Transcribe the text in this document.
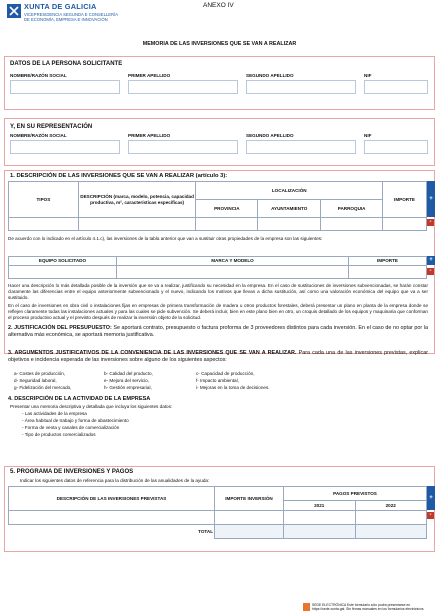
XUNTA DE GALICIA
VICEPRESIDENCIA SEGUNDA E CONSELLERÍA DE ECONOMÍA, EMPRESA E INNOVACIÓN
ANEXO IV
MEMORIA DE LAS INVERSIONES QUE SE VAN A REALIZAR
DATOS DE LA PERSONA SOLICITANTE
NOMBRE/RAZÓN SOCIAL	PRIMER APELLIDO	SEGUNDO APELLIDO	NIF
Y, EN SU REPRESENTACIÓN
NOMBRE/RAZÓN SOCIAL	PRIMER APELLIDO	SEGUNDO APELLIDO	NIF
1. DESCRIPCIÓN DE LAS INVERSIONES QUE SE VAN A REALIZAR (artículo 3):
TIPOS	DESCRIPCIÓN (marca, modelo, potencia, capacidad productiva, m², características específicas)	LOCALIZACIÓN			IMPORTE
		PROVINCIA	AYUNTAMIENTO	PARROQUIA	

+
-
De acuerdo con lo indicado en el artículo 4.1.c), las inversiones de la tabla anterior que van a sustituir otras propiedades de la empresa son las siguientes:
EQUIPO SOLICITADO	MARCA Y MODELO	IMPORTE
			+
-
Hacer una descripción lo más detallada posible de la inversión que se va a realizar, justificando su necesidad en la empresa. En el caso de sustituciones de inversiones subvencionadas, se harán constar claramente las diferencias entre el equipo anteriormente subvencionado y el nuevo, indicando los motivos que llevan a dicha sustitución, así como una valoración económica del equipo que va a ser sustituido.
En el caso de inversiones en obra civil o instalaciones fijas en empresas de primera transformación de madera u otros productos forestales, deberá presentar un plano en planta de la empresa donde se reflejen claramente todas las instalaciones actuales y para las cuales se pide subvención. Se deberá incluir, bien en este plano bien en otro, un croquis detallado de los equipos y maquinaria que conforman el proceso productivo actual y el previsto después de realizar la inversión objeto de la solicitud.
2. JUSTIFICACIÓN DEL PRESUPUESTO: Se aportará contrato, presupuesto o factura proforma de 3 proveedores distintos para cada inversión. En el caso de no optar por la alternativa más económica, se aportará memoria justificativa.
3. ARGUMENTOS JUSTIFICATIVOS DE LA CONVENIENCIA DE LAS INVERSIONES QUE SE VAN A REALIZAR. Para cada una de las inversiones previstas, explicar objetivos e incidencia esperada de las inversiones sobre alguno de los siguientes aspectos:
a- Costes de producción,
d- Seguridad laboral,
g- Fidelización del mercado,
b- Calidad del producto,
e- Mejora del servicio,
h- Gestión empresarial,
c- Capacidad de producción,
f- Impacto ambiental,
i- Mejoras en la toma de decisiones.
4. DESCRIPCIÓN DE LA ACTIVIDAD DE LA EMPRESA
Presentar una memoria descriptiva y detallada que incluya los siguientes datos:
- Las actividades de la empresa
- Área habitual de trabajo y forma de abastecimiento
- Forma de venta y canales de comercialización
- Tipo de productos comercializados
5. PROGRAMA DE INVERSIONES Y PAGOS
Indicar los siguientes datos de referencia para la distribución de las anualidades de la ayuda:
DESCRIPCIÓN DE LAS INVERSIONES PREVISTAS	IMPORTE INVERSIÓN	PAGOS PREVISTOS	
		2021	2022

TOTAL			
+
-
SEDE ELECTRÓNICA Este formulario sólo podrá presentarse en https://sede.xunta.gal. Sin firmas manuales en los formularios electrónicos
